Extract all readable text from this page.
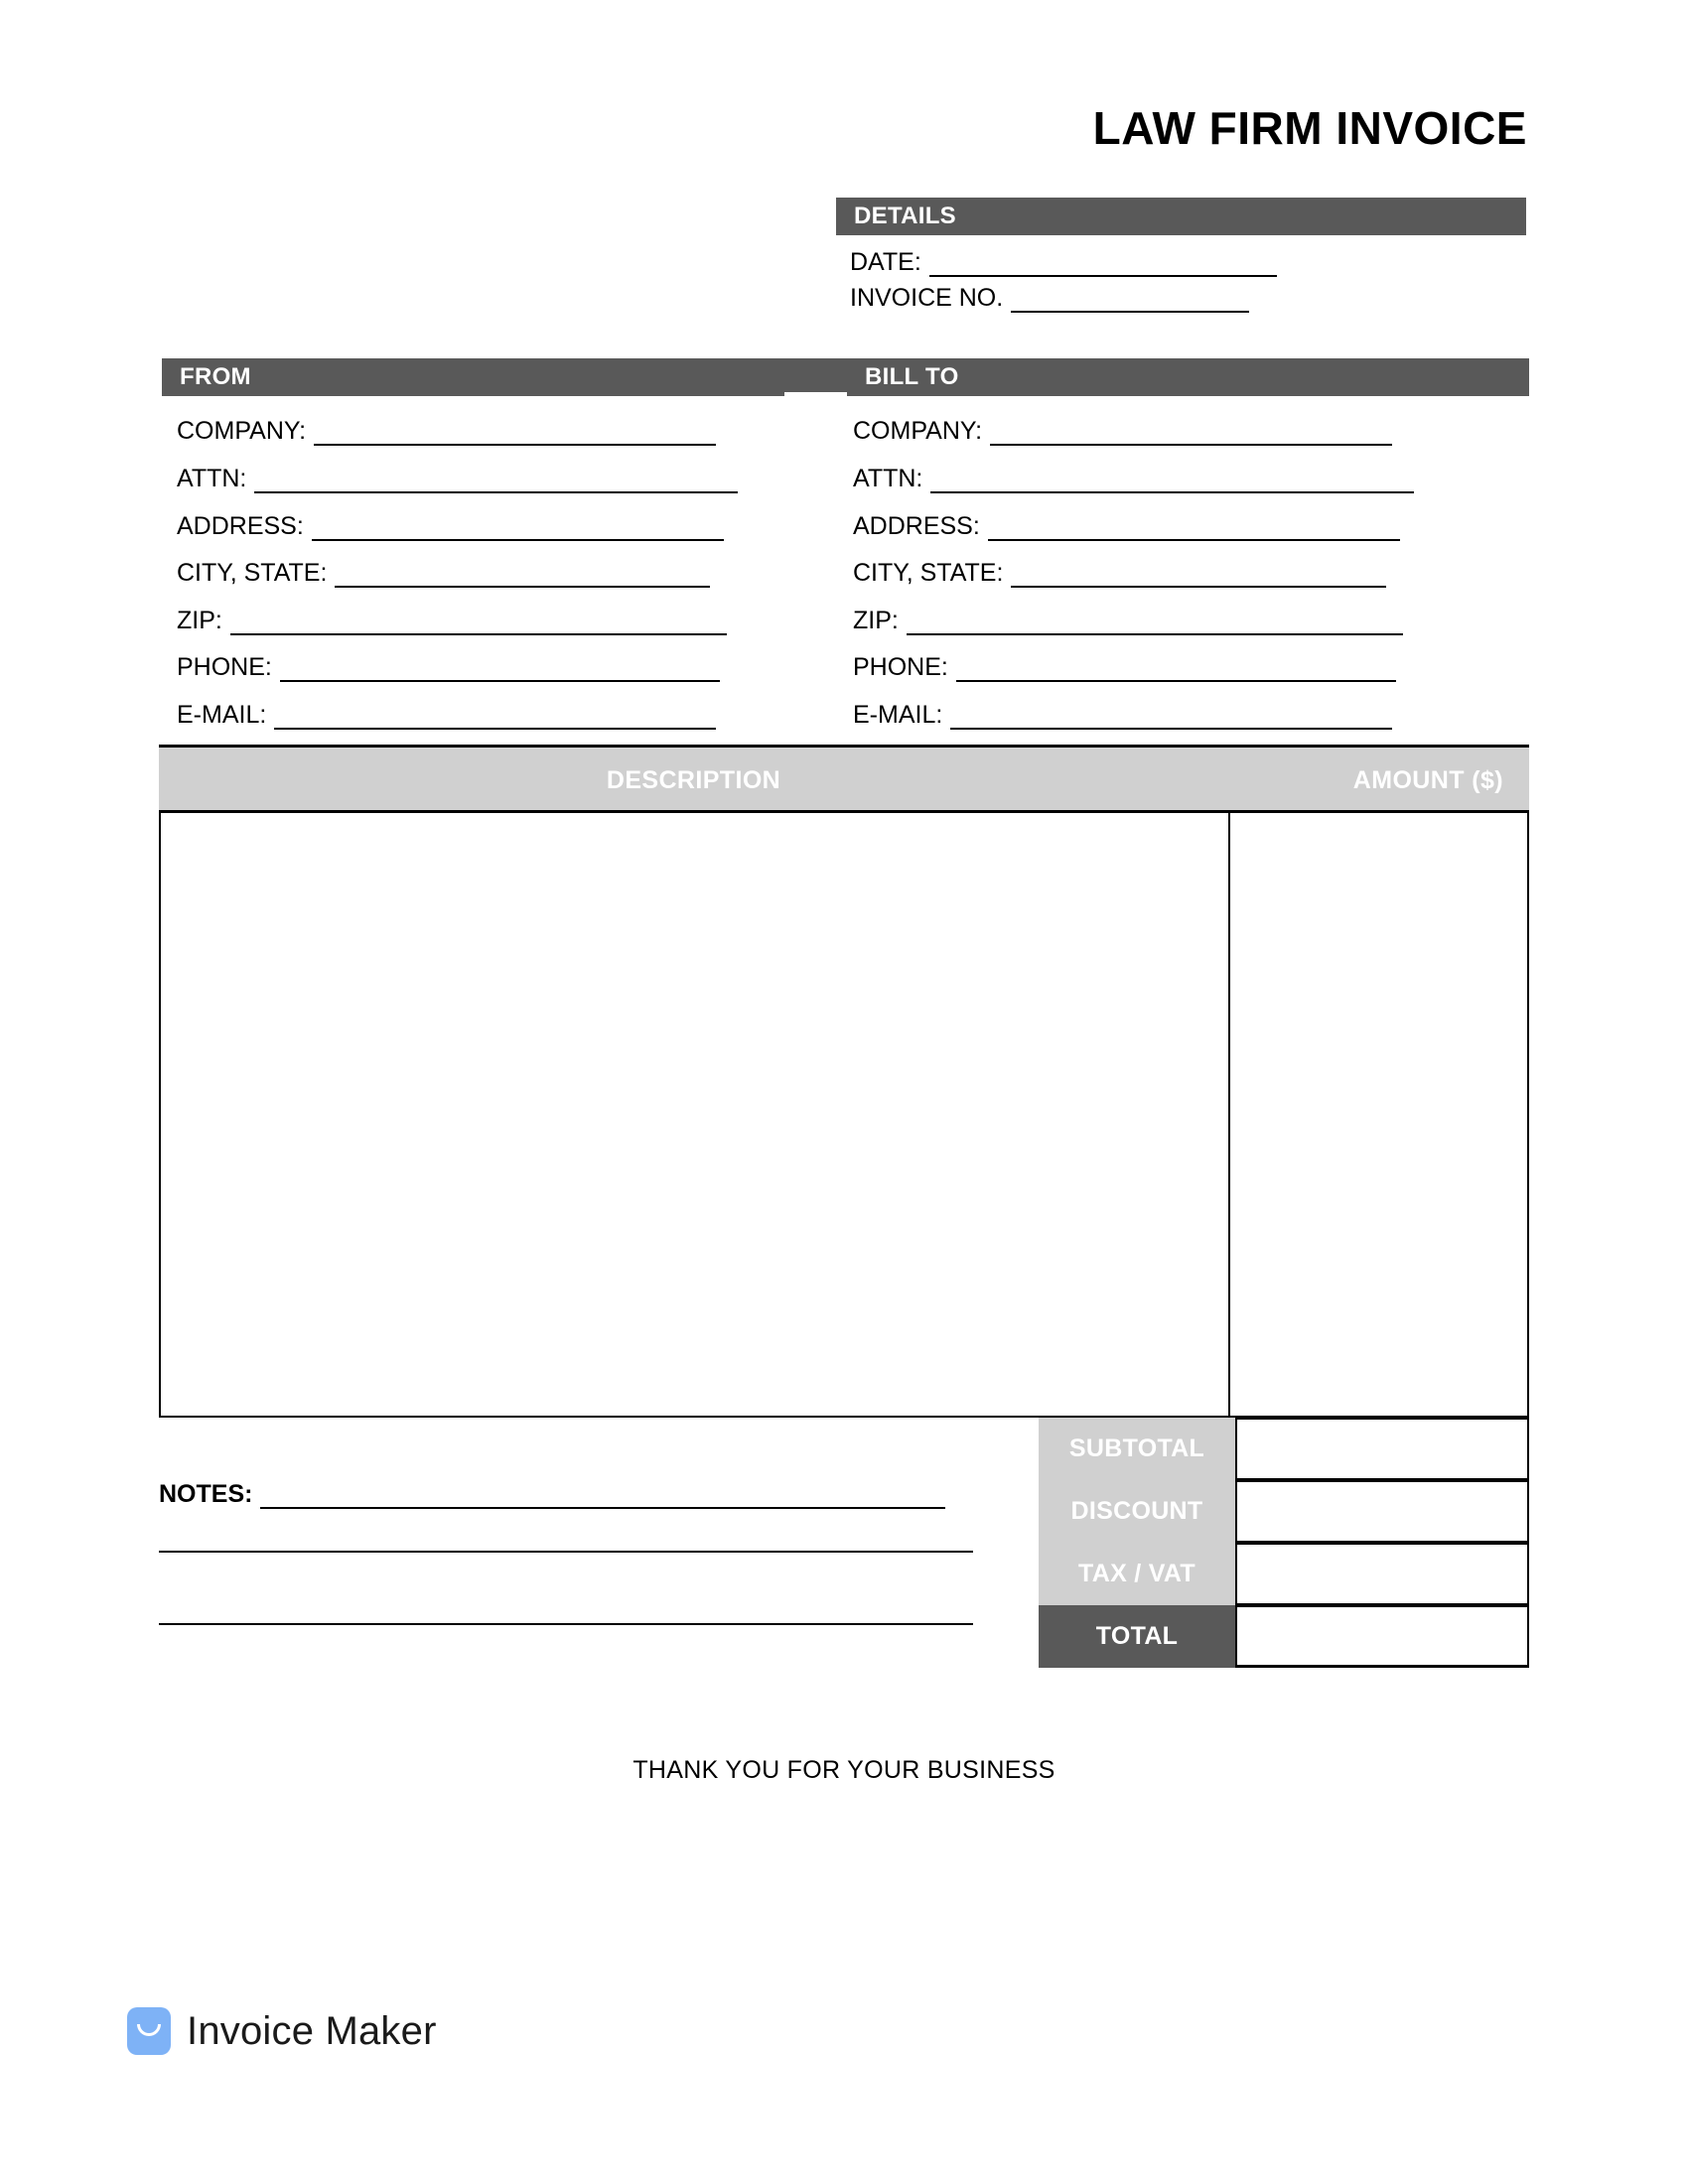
LAW FIRM INVOICE
DETAILS
DATE:
INVOICE NO.
FROM	BILL TO
COMPANY:
ATTN:
ADDRESS:
CITY, STATE:
ZIP:
PHONE:
E-MAIL:
COMPANY:
ATTN:
ADDRESS:
CITY, STATE:
ZIP:
PHONE:
E-MAIL:
DESCRIPTION	AMOUNT ($)
NOTES:
SUBTOTAL
DISCOUNT
TAX / VAT
TOTAL
THANK YOU FOR YOUR BUSINESS
Invoice Maker
